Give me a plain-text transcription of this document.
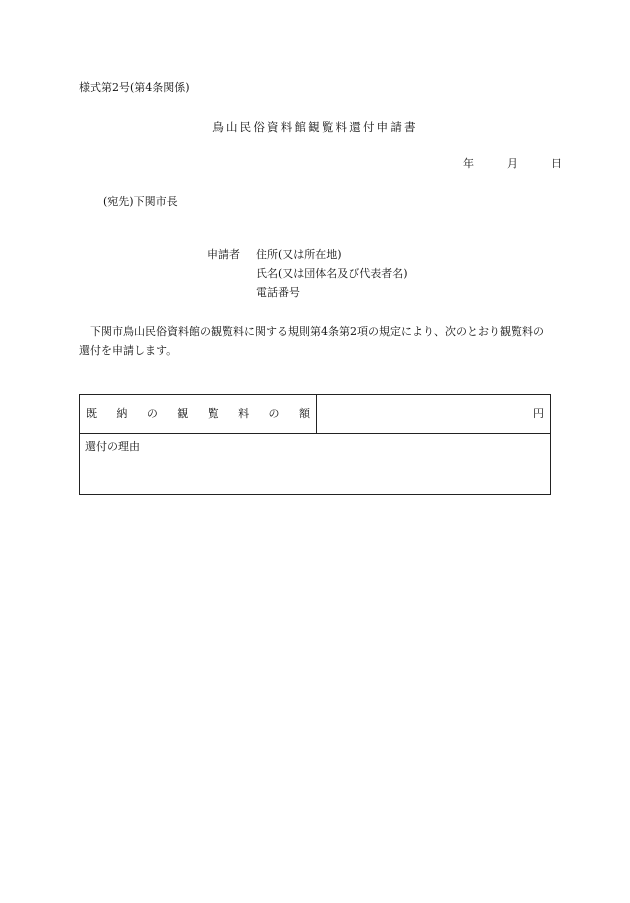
様式第2号(第4条関係)
鳥山民俗資料館観覧料還付申請書
年	月	日
(宛先)下関市長
申請者 住所(又は所在地)
氏名(又は団体名及び代表者名)
電話番号
下関市鳥山民俗資料館の観覧料に関する規則第4条第2項の規定により、次のとおり観覧料の還付を申請します。
既 納 の 観 覧 料 の 額	円
還付の理由
